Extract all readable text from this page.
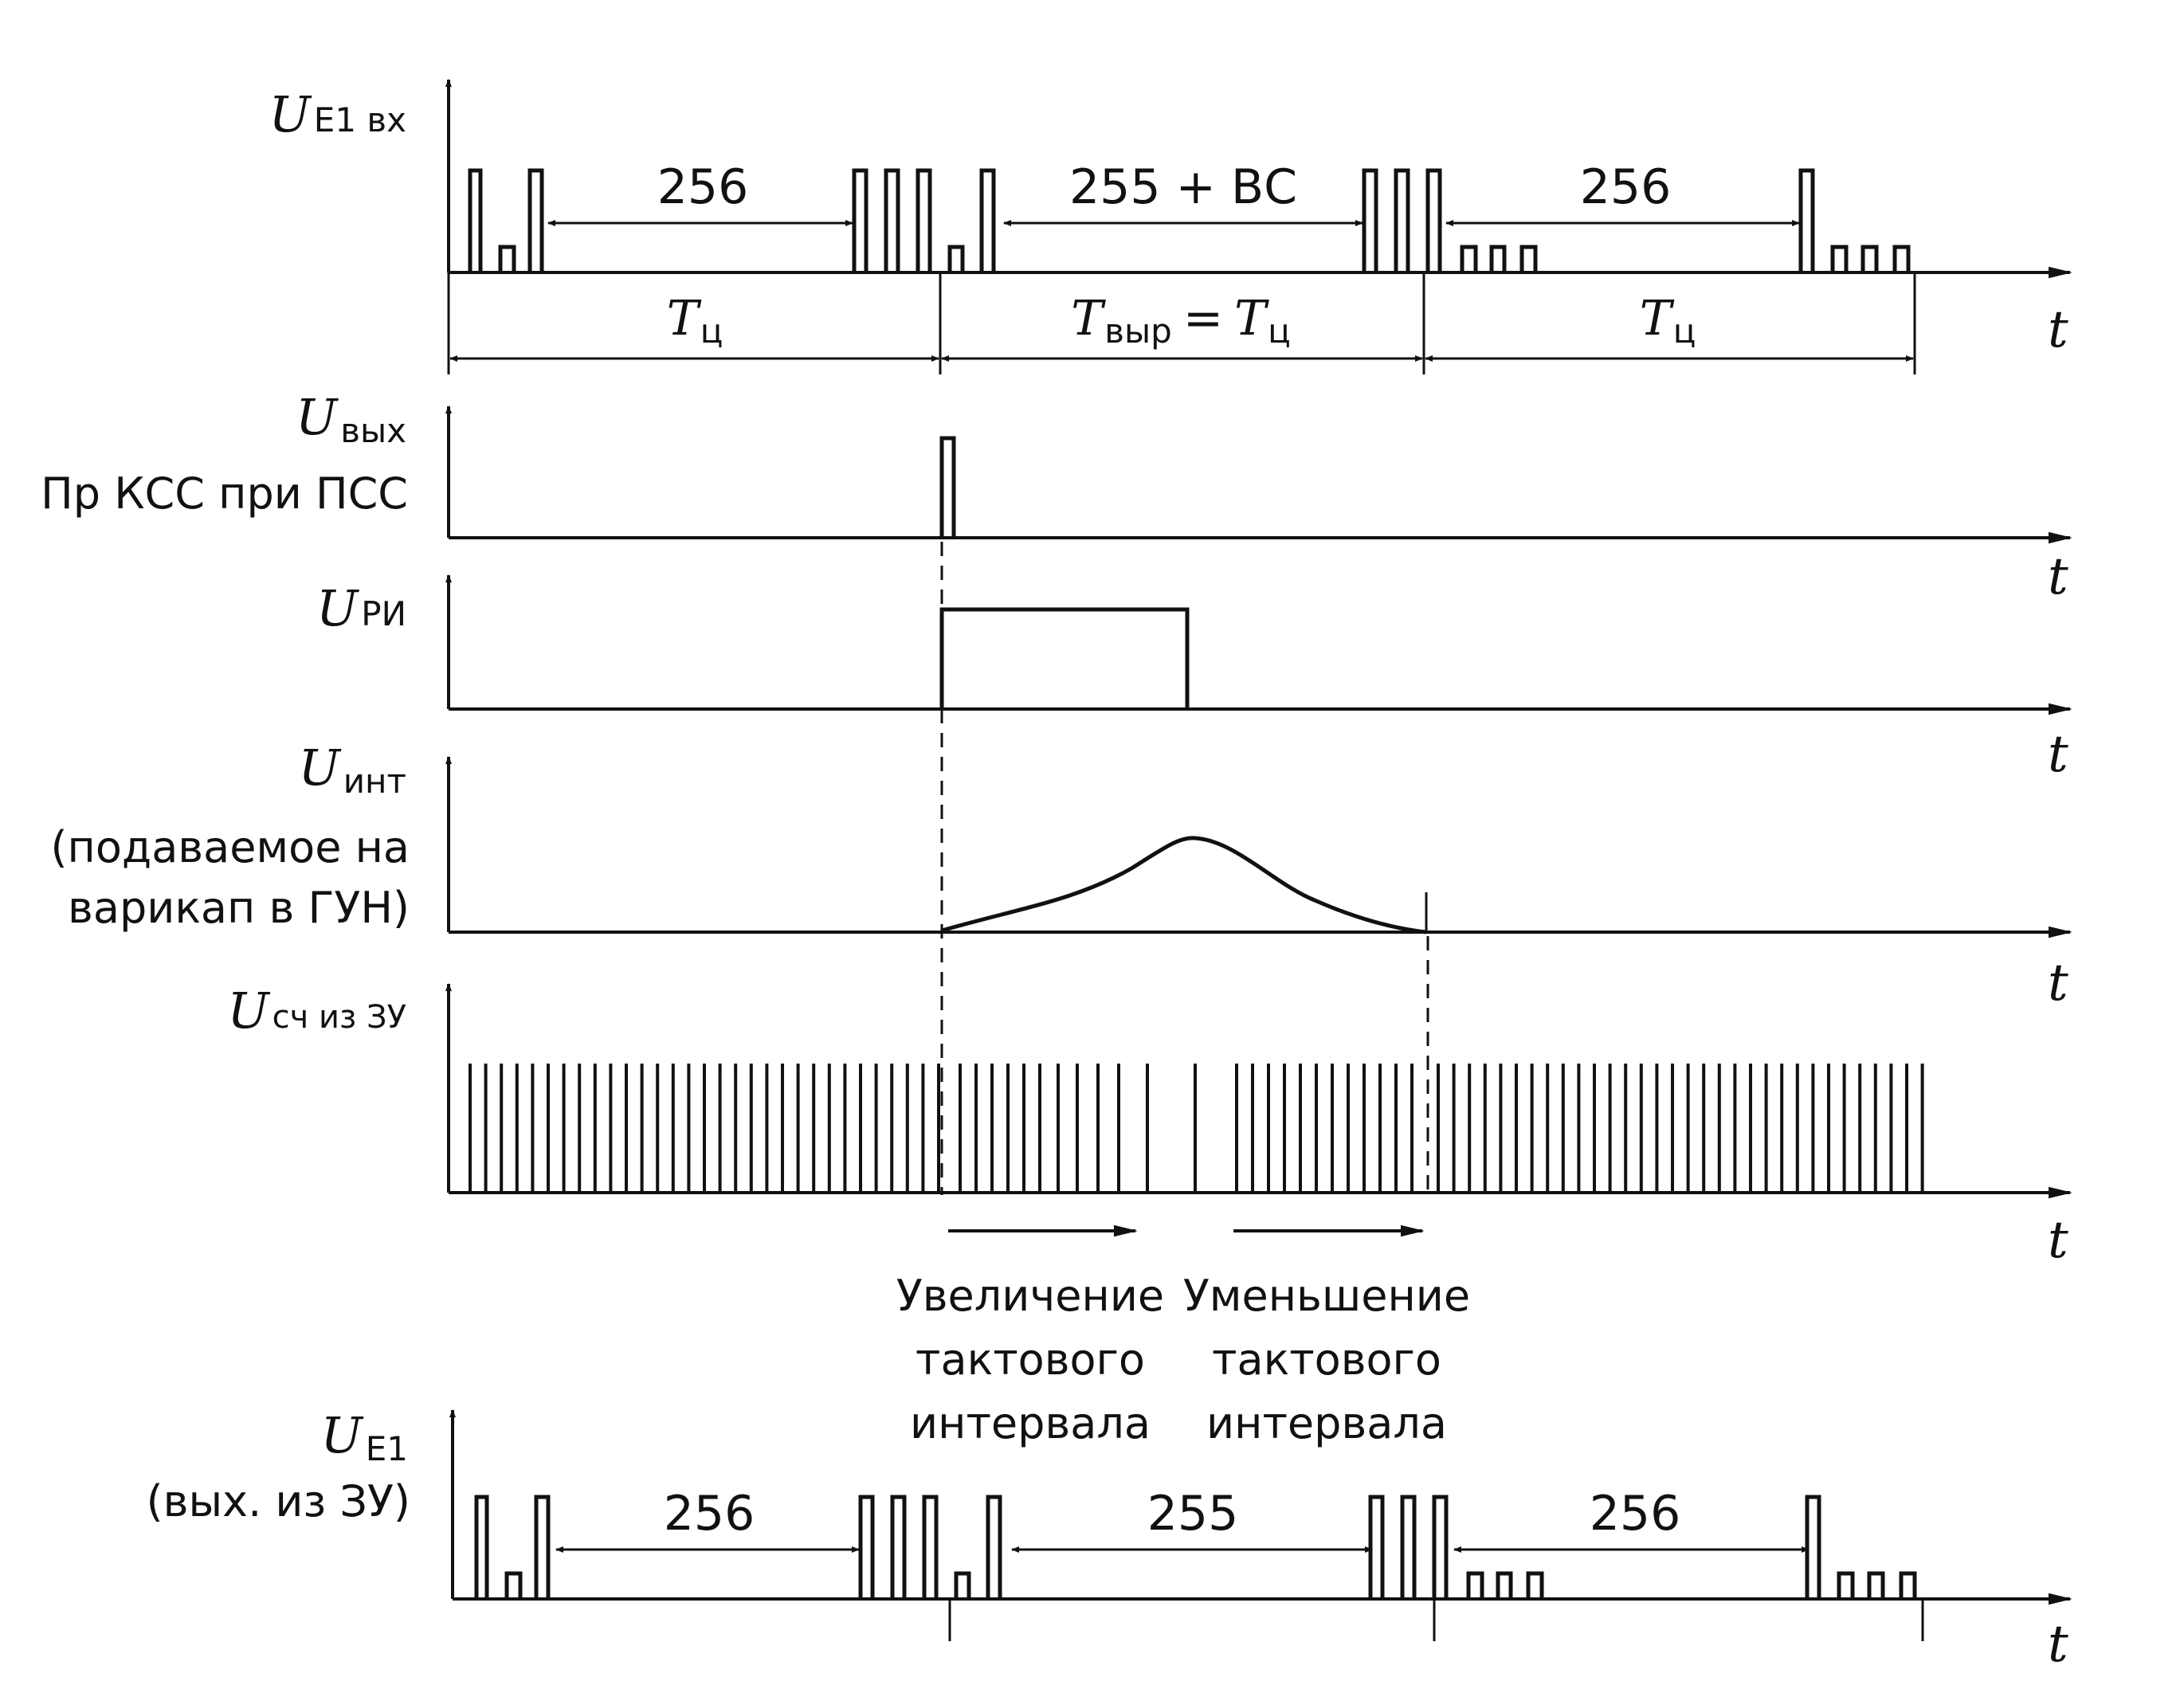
UE1 вх
256	255 + ВС	256
Tц	Tвыр = Tц	Tц	t
Uвых
Пр КСС при ПСС
t
UРИ
t
Uинт
(подаваемое на
варикап в ГУН)
t
Uсч из ЗУ
t
Увеличение
тактового
интервала
Уменьшение
тактового
интервала
UE1
(вых. из ЗУ)	256	255	256
t
